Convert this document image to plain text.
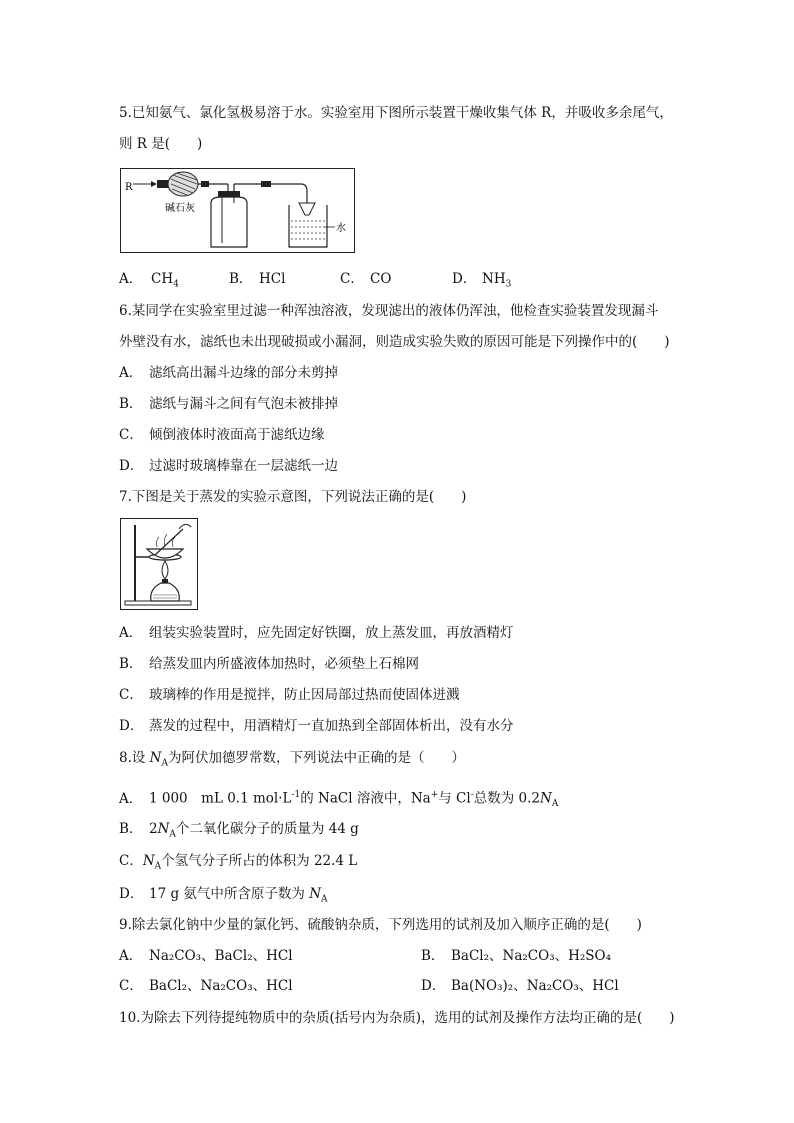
5.已知氨气、氯化氢极易溶于水。实验室用下图所示装置干燥收集气体 R，并吸收多余尾气，
则 R 是(　　)
R
碱石灰
水
A． $CH_4$	B． HCl	C． CO	D． $NH_3$
6.某同学在实验室里过滤一种浑浊溶液，发现滤出的液体仍浑浊，他检查实验装置发现漏斗
外壁没有水，滤纸也未出现破损或小漏洞，则造成实验失败的原因可能是下列操作中的(　　)
A． 滤纸高出漏斗边缘的部分未剪掉
B． 滤纸与漏斗之间有气泡未被排掉
C． 倾倒液体时液面高于滤纸边缘
D． 过滤时玻璃棒靠在一层滤纸一边
7.下图是关于蒸发的实验示意图，下列说法正确的是(　　)
A． 组装实验装置时，应先固定好铁圈，放上蒸发皿，再放酒精灯
B． 给蒸发皿内所盛液体加热时，必须垫上石棉网
C． 玻璃棒的作用是搅拌，防止因局部过热而使固体迸溅
D． 蒸发的过程中，用酒精灯一直加热到全部固体析出，没有水分
8.设 $N_A$为阿伏加德罗常数，下列说法中正确的是（　　）
A． 1 000　mL 0.1 $mol\cdot L^{-1}$的 NaCl 溶液中，Na+与 Cl-总数为 $0.2N_A$
B． $2N_A$个二氧化碳分子的质量为 44 g
C．$N_A$个氢气分子所占的体积为 22.4 L
D． 17 g 氨气中所含原子数为 $N_A$
9.除去氯化钠中少量的氯化钙、硫酸钠杂质，下列选用的试剂及加入顺序正确的是(　　)
A． Na₂CO₃、BaCl₂、HCl	B． BaCl₂、Na₂CO₃、H₂SO₄
C． BaCl₂、Na₂CO₃、HCl	D． Ba(NO₃)₂、Na₂CO₃、HCl
10.为除去下列待提纯物质中的杂质(括号内为杂质)，选用的试剂及操作方法均正确的是(　　)
